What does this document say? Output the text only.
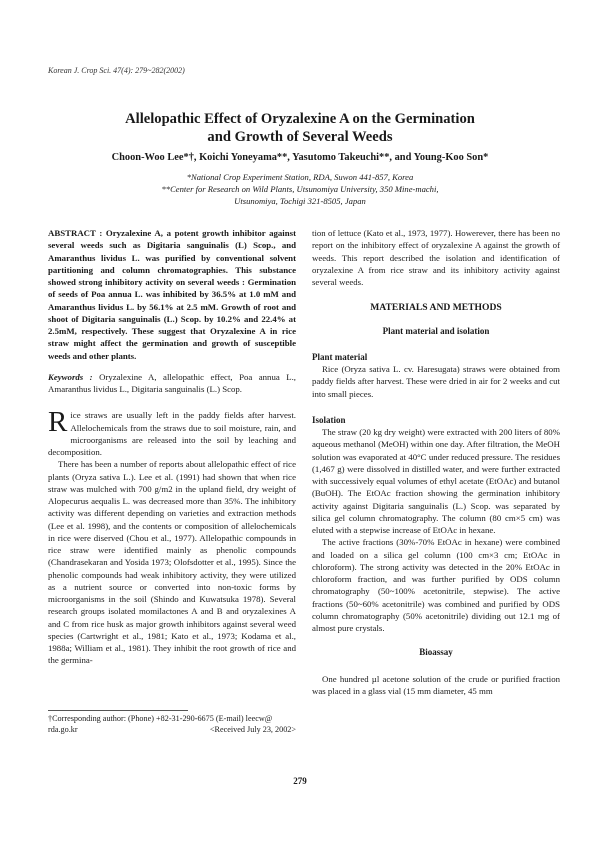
Korean J. Crop Sci. 47(4): 279~282(2002)
Allelopathic Effect of Oryzalexine A on the Germination
and Growth of Several Weeds
Choon-Woo Lee*†, Koichi Yoneyama**, Yasutomo Takeuchi**, and Young-Koo Son*
*National Crop Experiment Station, RDA, Suwon 441-857, Korea
**Center for Research on Wild Plants, Utsunomiya University, 350 Mine-machi,
Utsunomiya, Tochigi 321-8505, Japan

ABSTRACT : Oryzalexine A, a potent growth inhibitor against several weeds such as Digitaria sanguinalis (L) Scop., and Amaranthus lividus L. was purified by conventional solvent partitioning and column chromatographies. This substance showed strong inhibitory activity on several weeds : Germination of seeds of Poa annua L. was inhibited by 36.5% at 1.0 mM and Amaranthus lividus L. by 56.1% at 2.5 mM. Growth of root and shoot of Digitaria sanguinalis (L.) Scop. by 10.2% and 22.4% at 2.5mM, respectively. These suggest that Oryzalexine A in rice straw might affect the germination and growth of susceptible weeds and other plants.

Keywords : Oryzalexine A, allelopathic effect, Poa annua L., Amaranthus lividus L., Digitaria sanguinalis (L.) Scop.

Rice straws are usually left in the paddy fields after harvest. Allelochemicals from the straws due to soil moisture, rain, and microorganisms are released into the soil by leaching and decomposition.

There has been a number of reports about allelopathic effect of rice plants (Oryza sativa L.). Lee et al. (1991) had shown that when rice straw was mulched with 700 g/m2 in the upland field, dry weight of Alopecurus aequalis L. was decreased more than 35%. The inhibitory activity was different depending on varieties and extraction methods (Lee et al. 1998), and the contents or composition of allelochemicals in rice were diserved (Chou et al., 1977). Allelopathic compounds in rice straw were identified mainly as phenolic compounds (Chandrasekaran and Yosida 1973; Olofsdotter et al., 1995). Since the phenolic compounds had weak inhibitory activity, they were utilized as a nutrient source or converted into non-toxic forms by microorganisms in the soil (Shindo and Kuwatsuka 1978). Several research groups isolated momilactones A and B and oryzalexines A and C from rice husk as major growth inhibitors against several weed species (Cartwright et al., 1981; Kato et al., 1973; Kodama et al., 1988a; William et al., 1981). They inhibit the root growth of rice and the germina-

†Corresponding author: (Phone) +82-31-290-6675 (E-mail) leecw@
rda.go.kr	<Received July 23, 2002>

tion of lettuce (Kato et al., 1973, 1977). Howerever, there has been no report on the inhibitory effect of oryzalexine A against the growth of weeds. This report described the isolation and identification of oryzalexine A from rice straw and its inhibitory activity against several weeds.

MATERIALS AND METHODS
Plant material and isolation
Plant material

Rice (Oryza sativa L. cv. Haresugata) straws were obtained from paddy fields after harvest. These were dried in air for 2 weeks and cut into small pieces.

Isolation

The straw (20 kg dry weight) were extracted with 200 liters of 80% aqueous methanol (MeOH) within one day. After filtration, the MeOH solution was evaporated at 40°C under reduced pressure. The residues (1,467 g) were dissolved in distilled water, and were further extracted with successively equal volumes of ethyl acetate (EtOAc) and butanol (BuOH). The EtOAc fraction showing the germination inhibitory activity against Digitaria sanguinalis (L.) Scop. was separated by silica gel column chromatography. The column (80 cm×5 cm) was eluted with a stepwise increase of EtOAc in hexane.

The active fractions (30%-70% EtOAc in hexane) were combined and loaded on a silica gel column (100 cm×3 cm; EtOAc in chloroform). The strong activity was detected in the 20% EtOAc in chloroform fraction, and was further purified by ODS column chromatography (50~100% acetonitrile, stepwise). The active fractions (50~60% acetonitrile) was combined and purified by ODS column chromatography (50% acetonitrile) dividing out 12.1 mg of almost pure crystals.

Bioassay

One hundred µl acetone solution of the crude or purified fraction was placed in a glass vial (15 mm diameter, 45 mm

279
